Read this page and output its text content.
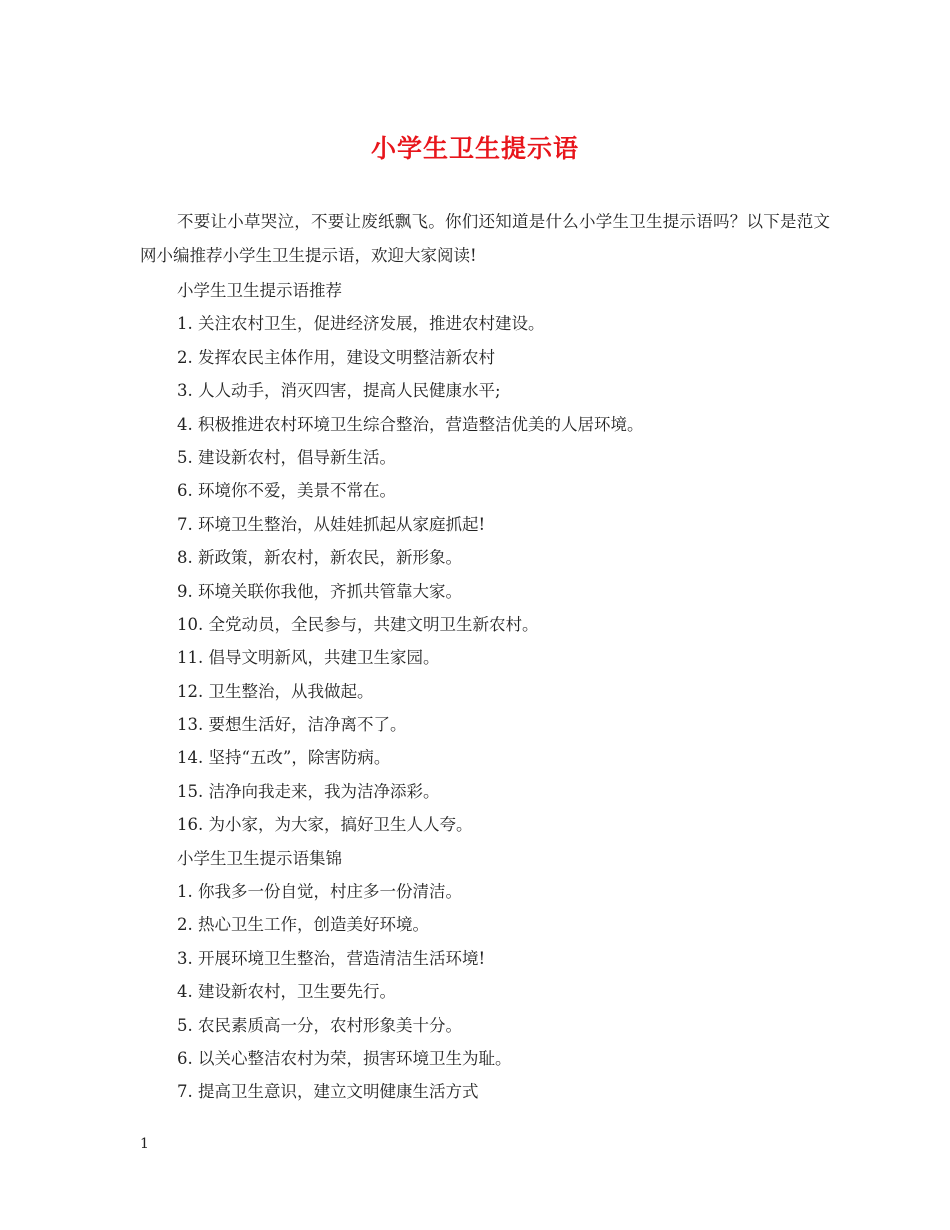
小学生卫生提示语
不要让小草哭泣，不要让废纸飘飞。你们还知道是什么小学生卫生提示语吗？以下是范文网小编推荐小学生卫生提示语，欢迎大家阅读!
小学生卫生提示语推荐
1. 关注农村卫生，促进经济发展，推进农村建设。
2. 发挥农民主体作用，建设文明整洁新农村
3. 人人动手，消灭四害，提高人民健康水平;
4. 积极推进农村环境卫生综合整治，营造整洁优美的人居环境。
5. 建设新农村，倡导新生活。
6. 环境你不爱，美景不常在。
7. 环境卫生整治，从娃娃抓起从家庭抓起!
8. 新政策，新农村，新农民，新形象。
9. 环境关联你我他，齐抓共管靠大家。
10. 全党动员，全民参与，共建文明卫生新农村。
11. 倡导文明新风，共建卫生家园。
12. 卫生整治，从我做起。
13. 要想生活好，洁净离不了。
14. 坚持“五改”，除害防病。
15. 洁净向我走来，我为洁净添彩。
16. 为小家，为大家，搞好卫生人人夸。
小学生卫生提示语集锦
1. 你我多一份自觉，村庄多一份清洁。
2. 热心卫生工作，创造美好环境。
3. 开展环境卫生整治，营造清洁生活环境!
4. 建设新农村，卫生要先行。
5. 农民素质高一分，农村形象美十分。
6. 以关心整洁农村为荣，损害环境卫生为耻。
7. 提高卫生意识，建立文明健康生活方式
1
